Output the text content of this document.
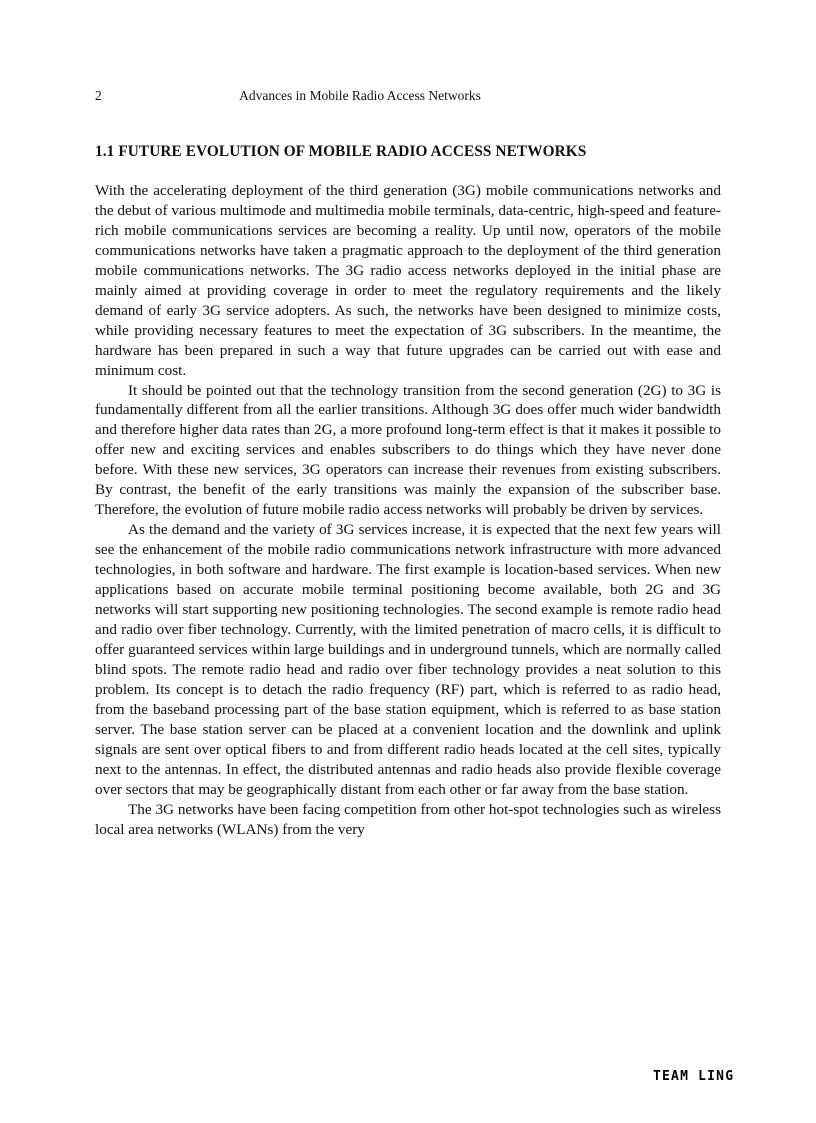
2	Advances in Mobile Radio Access Networks
1.1 FUTURE EVOLUTION OF MOBILE RADIO ACCESS NETWORKS

With the accelerating deployment of the third generation (3G) mobile communications networks and the debut of various multimode and multimedia mobile terminals, data-centric, high-speed and feature-rich mobile communications services are becoming a reality. Up until now, operators of the mobile communications networks have taken a pragmatic approach to the deployment of the third generation mobile communications networks. The 3G radio access networks deployed in the initial phase are mainly aimed at providing coverage in order to meet the regulatory requirements and the likely demand of early 3G service adopters. As such, the networks have been designed to minimize costs, while providing necessary features to meet the expectation of 3G subscribers. In the meantime, the hardware has been prepared in such a way that future upgrades can be carried out with ease and minimum cost.

It should be pointed out that the technology transition from the second generation (2G) to 3G is fundamentally different from all the earlier transitions. Although 3G does offer much wider bandwidth and therefore higher data rates than 2G, a more profound long-term effect is that it makes it possible to offer new and exciting services and enables subscribers to do things which they have never done before. With these new services, 3G operators can increase their revenues from existing subscribers. By contrast, the benefit of the early transitions was mainly the expansion of the subscriber base. Therefore, the evolution of future mobile radio access networks will probably be driven by services.

As the demand and the variety of 3G services increase, it is expected that the next few years will see the enhancement of the mobile radio communications network infrastructure with more advanced technologies, in both software and hardware. The first example is location-based services. When new applications based on accurate mobile terminal positioning become available, both 2G and 3G networks will start supporting new positioning technologies. The second example is remote radio head and radio over fiber technology. Currently, with the limited penetration of macro cells, it is difficult to offer guaranteed services within large buildings and in underground tunnels, which are normally called blind spots. The remote radio head and radio over fiber technology provides a neat solution to this problem. Its concept is to detach the radio frequency (RF) part, which is referred to as radio head, from the baseband processing part of the base station equipment, which is referred to as base station server. The base station server can be placed at a convenient location and the downlink and uplink signals are sent over optical fibers to and from different radio heads located at the cell sites, typically next to the antennas. In effect, the distributed antennas and radio heads also provide flexible coverage over sectors that may be geographically distant from each other or far away from the base station.

The 3G networks have been facing competition from other hot-spot technologies such as wireless local area networks (WLANs) from the very

TEAM LING
